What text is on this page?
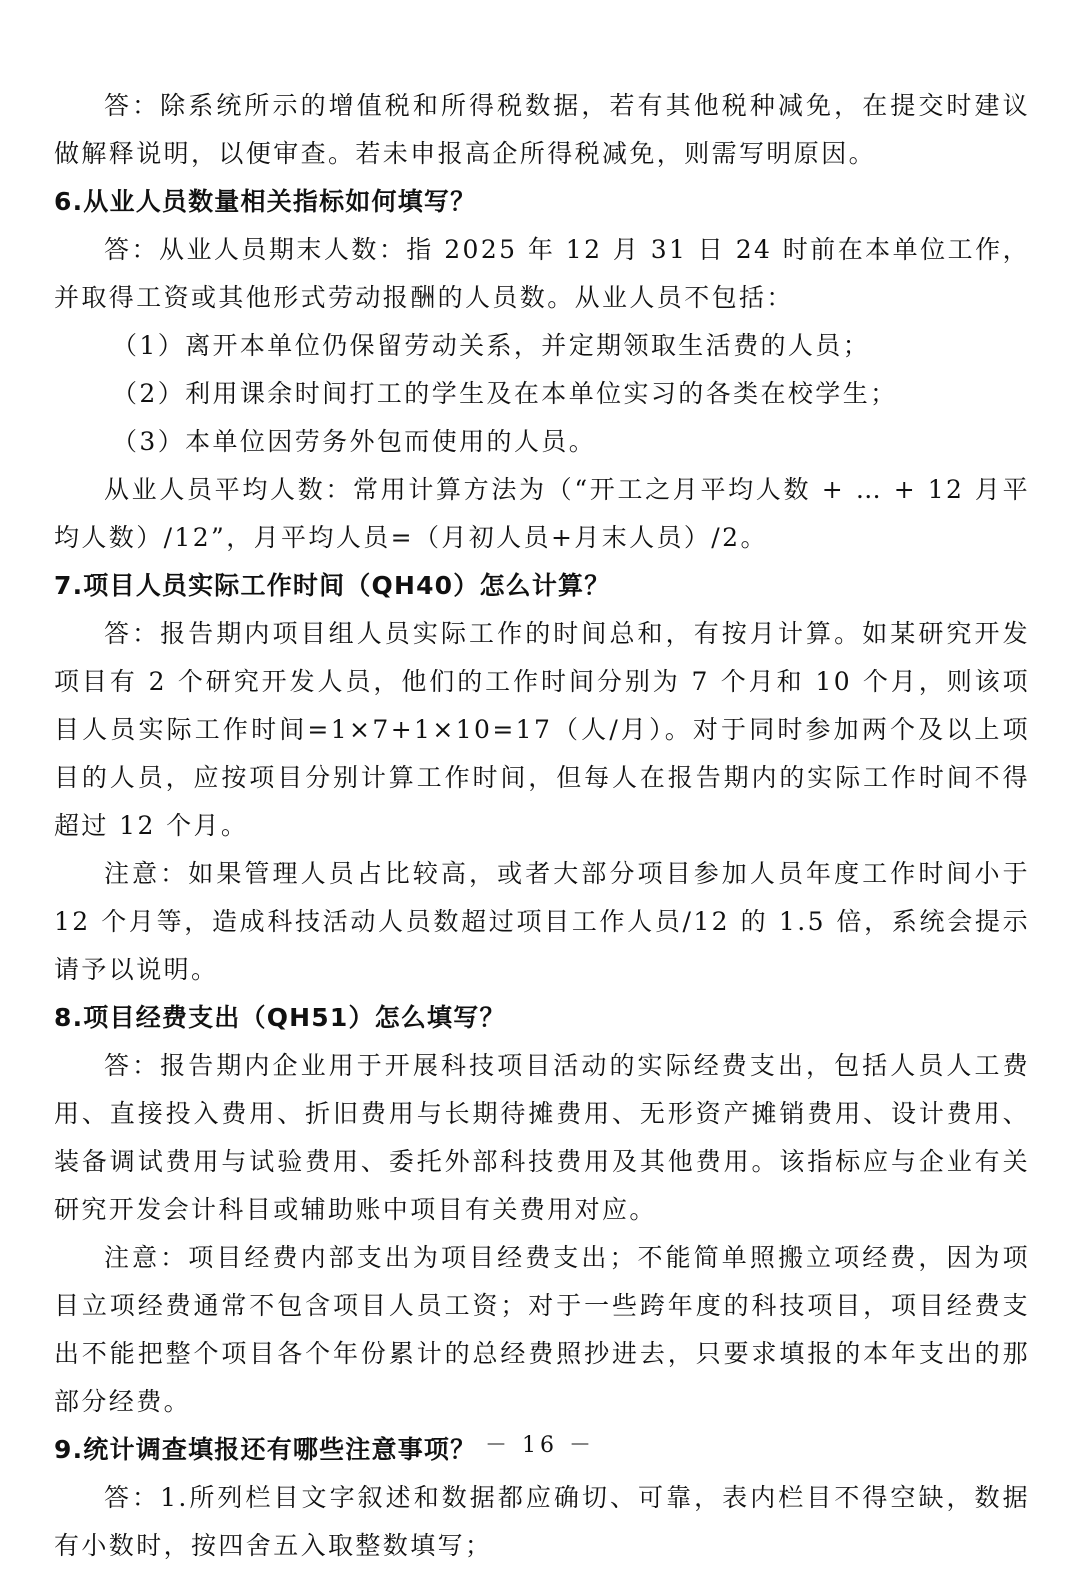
答：除系统所示的增值税和所得税数据，若有其他税种减免，在提交时建议做解释说明，以便审查。若未申报高企所得税减免，则需写明原因。

6.从业人员数量相关指标如何填写？

答：从业人员期末人数：指 2025 年 12 月 31 日 24 时前在本单位工作，并取得工资或其他形式劳动报酬的人员数。从业人员不包括：

（1）离开本单位仍保留劳动关系，并定期领取生活费的人员；

（2）利用课余时间打工的学生及在本单位实习的各类在校学生；

（3）本单位因劳务外包而使用的人员。

从业人员平均人数：常用计算方法为（“开工之月平均人数 + … + 12 月平均人数）/12”，月平均人员=（月初人员+月末人员）/2。

7.项目人员实际工作时间（QH40）怎么计算？

答：报告期内项目组人员实际工作的时间总和，有按月计算。如某研究开发项目有 2 个研究开发人员，他们的工作时间分别为 7 个月和 10 个月，则该项目人员实际工作时间=1×7+1×10=17（人/月）。对于同时参加两个及以上项目的人员，应按项目分别计算工作时间，但每人在报告期内的实际工作时间不得超过 12 个月。

注意：如果管理人员占比较高，或者大部分项目参加人员年度工作时间小于 12 个月等，造成科技活动人员数超过项目工作人员/12 的 1.5 倍，系统会提示请予以说明。

8.项目经费支出（QH51）怎么填写？

答：报告期内企业用于开展科技项目活动的实际经费支出，包括人员人工费用、直接投入费用、折旧费用与长期待摊费用、无形资产摊销费用、设计费用、装备调试费用与试验费用、委托外部科技费用及其他费用。该指标应与企业有关研究开发会计科目或辅助账中项目有关费用对应。

注意：项目经费内部支出为项目经费支出；不能简单照搬立项经费，因为项目立项经费通常不包含项目人员工资；对于一些跨年度的科技项目，项目经费支出不能把整个项目各个年份累计的总经费照抄进去，只要求填报的本年支出的那部分经费。

9.统计调查填报还有哪些注意事项？

答：1.所列栏目文字叙述和数据都应确切、可靠，表内栏目不得空缺，数据有小数时，按四舍五入取整数填写；

－ 16 －
